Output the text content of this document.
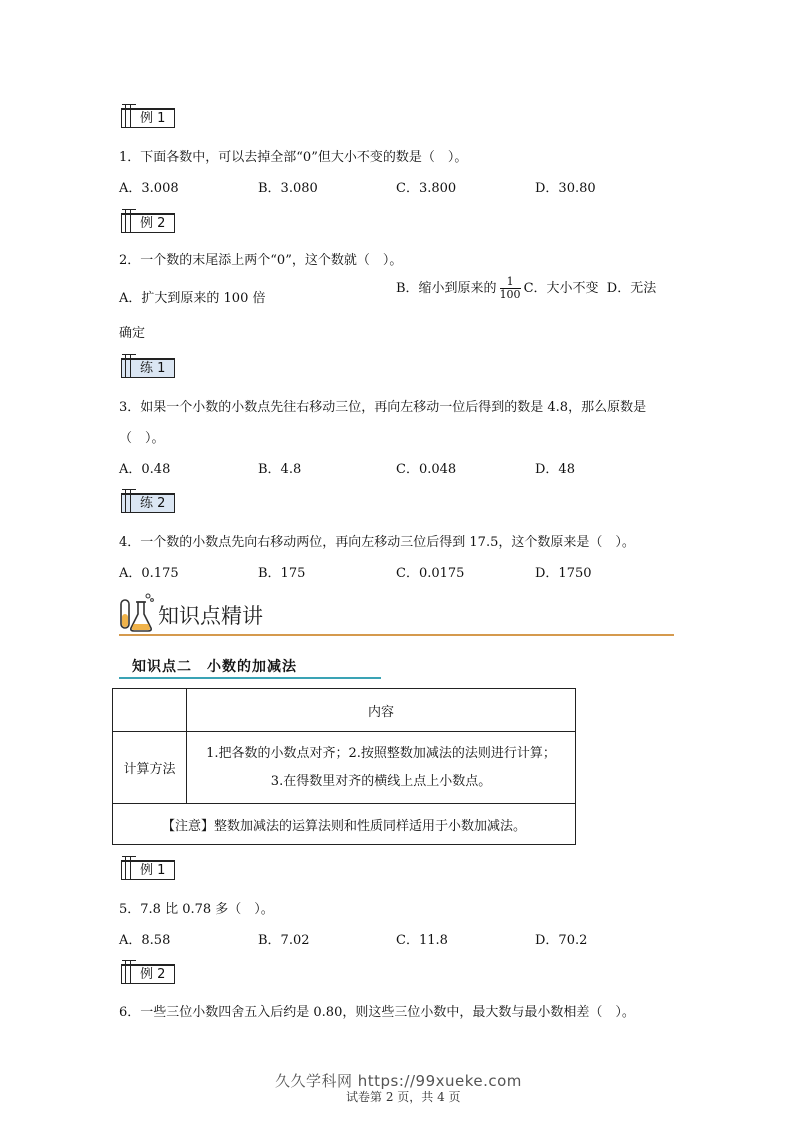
例 1
1．下面各数中，可以去掉全部“0”但大小不变的数是（　）。
A．3.008	B．3.080	C．3.800	D．30.80
例 2
2．一个数的末尾添上两个“0”，这个数就（　）。
A．扩大到原来的 100 倍
B．缩小到原来的 $\frac{1}{100}$ C．大小不变 D．无法
确定
练 1
3．如果一个小数的小数点先往右移动三位，再向左移动一位后得到的数是 4.8，那么原数是
（　）。
A．0.48	B．4.8	C．0.048	D．48
练 2
4．一个数的小数点先向右移动两位，再向左移动三位后得到 17.5，这个数原来是（　）。
A．0.175	B．175	C．0.0175	D．1750
知识点精讲
知识点二　小数的加减法
	内容
计算方法	1.把各数的小数点对齐；2.按照整数加减法的法则进行计算；
3.在得数里对齐的横线上点上小数点。

【注意】整数加减法的运算法则和性质同样适用于小数加减法。	
例 1
5．7.8 比 0.78 多（　）。
A．8.58	B．7.02	C．11.8	D．70.2
例 2
6．一些三位小数四舍五入后约是 0.80，则这些三位小数中，最大数与最小数相差（　）。
试卷第 2 页，共 4 页
久久学科网 https://99xueke.com
